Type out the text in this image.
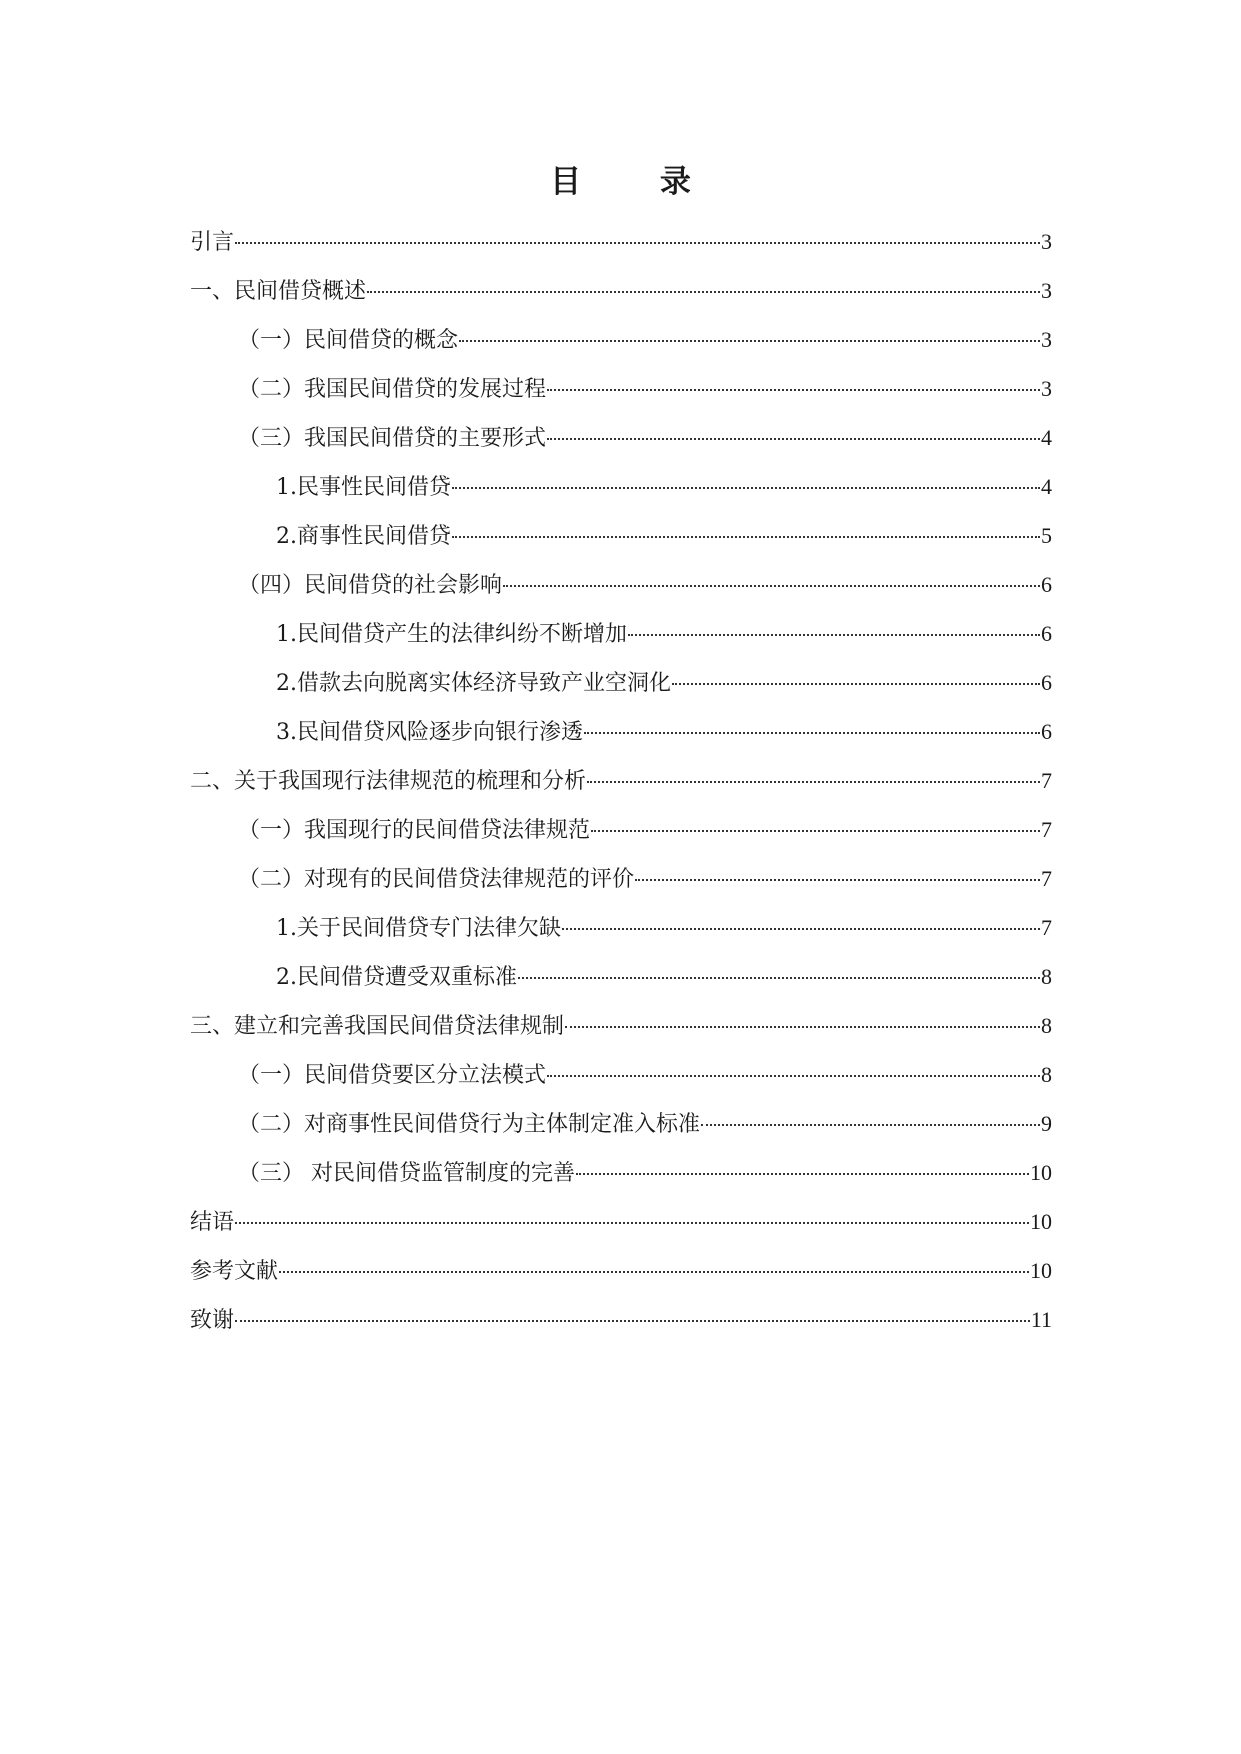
目 录
引言	3
一、民间借贷概述	3
（一）民间借贷的概念	3
（二）我国民间借贷的发展过程	3
（三）我国民间借贷的主要形式	4
1.民事性民间借贷	4
2.商事性民间借贷	5
（四）民间借贷的社会影响	6
1.民间借贷产生的法律纠纷不断增加	6
2.借款去向脱离实体经济导致产业空洞化	6
3.民间借贷风险逐步向银行渗透	6
二、关于我国现行法律规范的梳理和分析	7
（一）我国现行的民间借贷法律规范	7
（二）对现有的民间借贷法律规范的评价	7
1.关于民间借贷专门法律欠缺	7
2.民间借贷遭受双重标准	8
三、建立和完善我国民间借贷法律规制	8
（一）民间借贷要区分立法模式	8
（二）对商事性民间借贷行为主体制定准入标准	9
（三） 对民间借贷监管制度的完善	10
结语	10
参考文献	10
致谢	11
